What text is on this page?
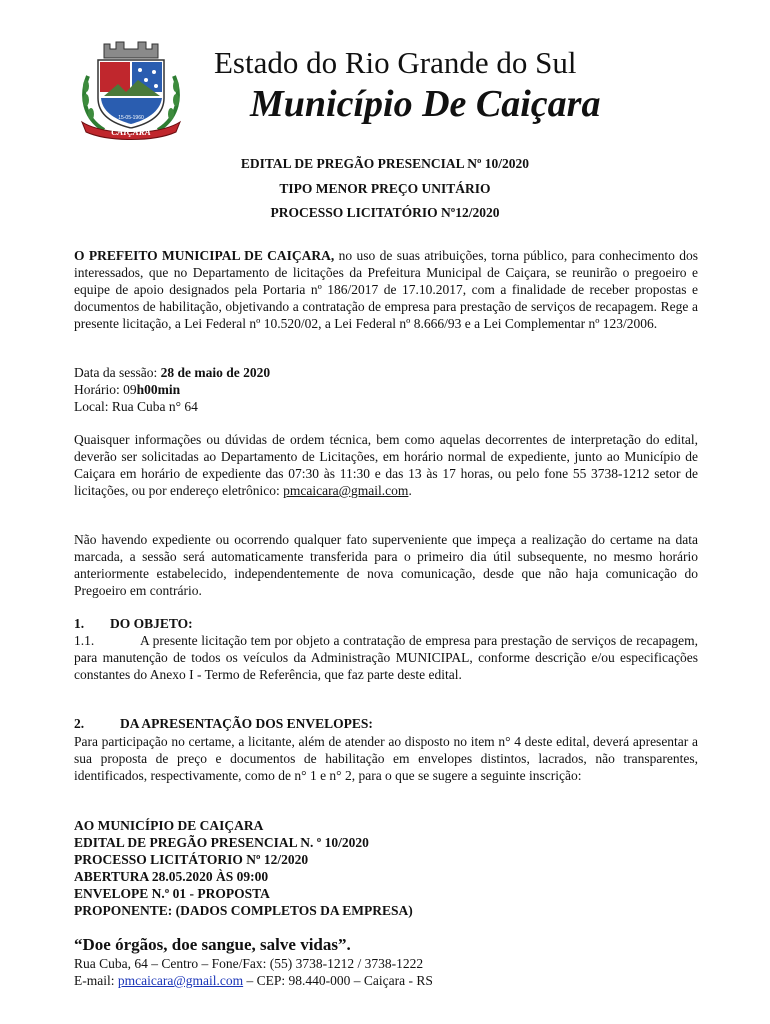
CAIÇARA
15-05-1960
Estado do Rio Grande do Sul
Município De Caiçara
EDITAL DE PREGÃO PRESENCIAL Nº 10/2020
TIPO MENOR PREÇO UNITÁRIO
PROCESSO LICITATÓRIO Nº12/2020

O PREFEITO MUNICIPAL DE CAIÇARA, no uso de suas atribuições, torna público, para conhecimento dos interessados, que no Departamento de licitações da Prefeitura Municipal de Caiçara, se reunirão o pregoeiro e equipe de apoio designados pela Portaria nº 186/2017 de 17.10.2017, com a finalidade de receber propostas e documentos de habilitação, objetivando a contratação de empresa para prestação de serviços de recapagem. Rege a presente licitação, a Lei Federal nº 10.520/02, a Lei Federal nº 8.666/93 e a Lei Complementar nº 123/2006.

Data da sessão: 28 de maio de 2020
Horário: 09h00min
Local: Rua Cuba n° 64

Quaisquer informações ou dúvidas de ordem técnica, bem como aquelas decorrentes de interpretação do edital, deverão ser solicitadas ao Departamento de Licitações, em horário normal de expediente, junto ao Município de Caiçara em horário de expediente das 07:30 às 11:30 e das 13 às 17 horas, ou pelo fone 55 3738-1212 setor de licitações, ou por endereço eletrônico: pmcaicara@gmail.com.

Não havendo expediente ou ocorrendo qualquer fato superveniente que impeça a realização do certame na data marcada, a sessão será automaticamente transferida para o primeiro dia útil subsequente, no mesmo horário anteriormente estabelecido, independentemente de nova comunicação, desde que não haja comunicação do Pregoeiro em contrário.

1. DO OBJETO:

1.1.	A presente licitação tem por objeto a contratação de empresa para prestação de serviços de recapagem, para manutenção de todos os veículos da Administração MUNICIPAL, conforme descrição e/ou especificações constantes do Anexo I - Termo de Referência, que faz parte deste edital.

2.	DA APRESENTAÇÃO DOS ENVELOPES:

Para participação no certame, a licitante, além de atender ao disposto no item n° 4 deste edital, deverá apresentar a sua proposta de preço e documentos de habilitação em envelopes distintos, lacrados, não transparentes, identificados, respectivamente, como de n° 1 e n° 2, para o que se sugere a seguinte inscrição:

AO MUNICÍPIO DE CAIÇARA
EDITAL DE PREGÃO PRESENCIAL N. º 10/2020
PROCESSO LICITÁTORIO Nº 12/2020
ABERTURA 28.05.2020 ÀS 09:00
ENVELOPE N.º 01 - PROPOSTA
PROPONENTE: (DADOS COMPLETOS DA EMPRESA)
“Doe órgãos, doe sangue, salve vidas”.
Rua Cuba, 64 – Centro – Fone/Fax: (55) 3738-1212 / 3738-1222
E-mail: pmcaicara@gmail.com – CEP: 98.440-000 – Caiçara - RS
